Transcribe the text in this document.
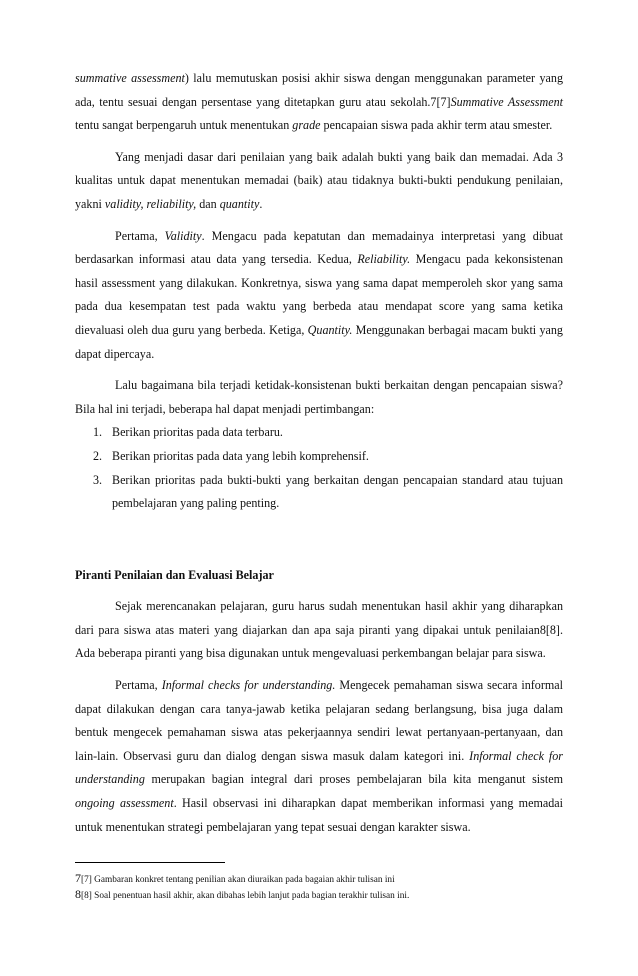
summative assessment) lalu memutuskan posisi akhir siswa dengan menggunakan parameter yang ada, tentu sesuai dengan persentase yang ditetapkan guru atau sekolah.7[7]Summative Assessment tentu sangat berpengaruh untuk menentukan grade pencapaian siswa pada akhir term atau smester.

Yang menjadi dasar dari penilaian yang baik adalah bukti yang baik dan memadai. Ada 3 kualitas untuk dapat menentukan memadai (baik) atau tidaknya bukti-bukti pendukung penilaian, yakni validity, reliability, dan quantity.

Pertama, Validity. Mengacu pada kepatutan dan memadainya interpretasi yang dibuat berdasarkan informasi atau data yang tersedia. Kedua, Reliability. Mengacu pada kekonsistenan hasil assessment yang dilakukan. Konkretnya, siswa yang sama dapat memperoleh skor yang sama pada dua kesempatan test pada waktu yang berbeda atau mendapat score yang sama ketika dievaluasi oleh dua guru yang berbeda. Ketiga, Quantity. Menggunakan berbagai macam bukti yang dapat dipercaya.

Lalu bagaimana bila terjadi ketidak-konsistenan bukti berkaitan dengan pencapaian siswa? Bila hal ini terjadi, beberapa hal dapat menjadi pertimbangan:

1. Berikan prioritas pada data terbaru.
2. Berikan prioritas pada data yang lebih komprehensif.
3. Berikan prioritas pada bukti-bukti yang berkaitan dengan pencapaian standard atau tujuan pembelajaran yang paling penting.

Piranti Penilaian dan Evaluasi Belajar

Sejak merencanakan pelajaran, guru harus sudah menentukan hasil akhir yang diharapkan dari para siswa atas materi yang diajarkan dan apa saja piranti yang dipakai untuk penilaian8[8]. Ada beberapa piranti yang bisa digunakan untuk mengevaluasi perkembangan belajar para siswa.

Pertama, Informal checks for understanding. Mengecek pemahaman siswa secara informal dapat dilakukan dengan cara tanya-jawab ketika pelajaran sedang berlangsung, bisa juga dalam bentuk mengecek pemahaman siswa atas pekerjaannya sendiri lewat pertanyaan-pertanyaan, dan lain-lain. Observasi guru dan dialog dengan siswa masuk dalam kategori ini. Informal check for understanding merupakan bagian integral dari proses pembelajaran bila kita menganut sistem ongoing assessment. Hasil observasi ini diharapkan dapat memberikan informasi yang memadai untuk menentukan strategi pembelajaran yang tepat sesuai dengan karakter siswa.

7[7] Gambaran konkret tentang penilian akan diuraikan pada bagaian akhir tulisan ini
8[8] Soal penentuan hasil akhir, akan dibahas lebih lanjut pada bagian terakhir tulisan ini.
